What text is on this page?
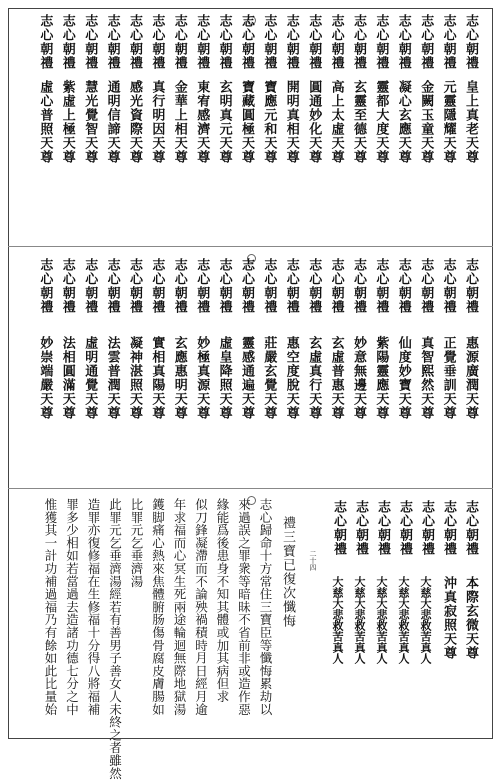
志心朝禮
皇上真老天尊
志心朝禮
元靈隱耀天尊
志心朝禮
金闕玉童天尊
志心朝禮
凝心玄應天尊
志心朝禮
靈都大度天尊
志心朝禮
玄靈至德天尊
志心朝禮
高上太虛天尊
志心朝禮
圓通妙化天尊
志心朝禮
開明真相天尊
志心朝禮
寶應元和天尊
志心朝禮
寶藏圓極天尊
志心朝禮
玄明真元天尊
志心朝禮
東宥感濟天尊
志心朝禮
金華上相天尊
志心朝禮
真行明因天尊
志心朝禮
感光資際天尊
志心朝禮
通明信諦天尊
志心朝禮
慧光覺智天尊
志心朝禮
紫虛上極天尊
志心朝禮
虛心普照天尊
志心朝禮
惠源廣潤天尊
志心朝禮
正覺垂訓天尊
志心朝禮
真智熙然天尊
志心朝禮
仙度妙寶天尊
志心朝禮
紫陽靈應天尊
志心朝禮
妙意無邊天尊
志心朝禮
玄虛普惠天尊
志心朝禮
玄虛真行天尊
志心朝禮
惠空度脫天尊
志心朝禮
莊嚴玄覺天尊
志心朝禮
靈感通遍天尊
志心朝禮
虛皇降照天尊
志心朝禮
妙極真源天尊
志心朝禮
玄應惠明天尊
志心朝禮
實相真陽天尊
志心朝禮
凝神湛照天尊
志心朝禮
法雲普潤天尊
志心朝禮
虛明通覺天尊
志心朝禮
法相圓滿天尊
志心朝禮
妙崇端嚴天尊
志心朝禮
本際玄微天尊
志心朝禮
沖真寂照天尊
志心朝禮
大慈大悲救苦真人
志心朝禮
大慈大悲救苦真人
志心朝禮
大慈大悲救苦真人
志心朝禮
大慈大悲救苦真人
志心朝禮
大慈大悲救苦真人
二十四
禮三寶已復次懺悔
志心歸命十方常住三寶臣等懺悔累劫以
來過誤之罪衆等暗昧不省前非或造作惡
緣能爲後患身不知其體或加其病但求
似刀鋒凝滯而不論殃禍積時月日經月逾
年求福而心冥生死兩途輪迴無際地獄湯
鑊脚痛心熱來焦體腑肠傷骨腐皮膚腸如
比罪元乞垂濟湯
此罪元乞垂濟湯經若有善男子善女人未終之者雖然
造罪亦復修福在生修福十分得八將福補
罪多少相如若當過去造諸功德七分之中
惟獲其一計功補過福乃有餘如此比量始
